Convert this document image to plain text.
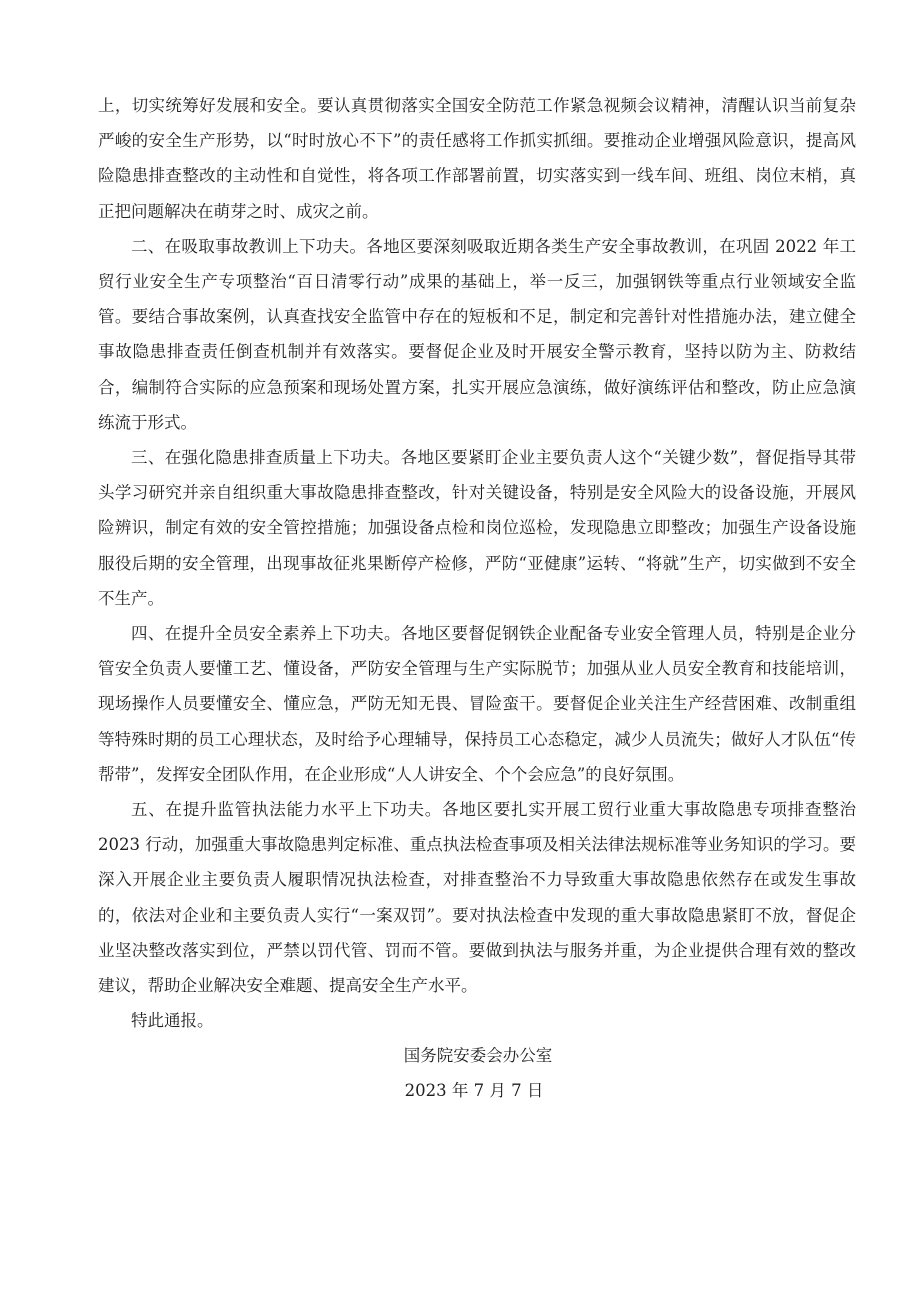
上，切实统筹好发展和安全。要认真贯彻落实全国安全防范工作紧急视频会议精神，清醒认识当前复杂严峻的安全生产形势，以“时时放心不下”的责任感将工作抓实抓细。要推动企业增强风险意识，提高风险隐患排查整改的主动性和自觉性，将各项工作部署前置，切实落实到一线车间、班组、岗位末梢，真正把问题解决在萌芽之时、成灾之前。

二、在吸取事故教训上下功夫。各地区要深刻吸取近期各类生产安全事故教训，在巩固 2022 年工贸行业安全生产专项整治“百日清零行动”成果的基础上，举一反三，加强钢铁等重点行业领域安全监管。要结合事故案例，认真查找安全监管中存在的短板和不足，制定和完善针对性措施办法，建立健全事故隐患排查责任倒查机制并有效落实。要督促企业及时开展安全警示教育，坚持以防为主、防救结合，编制符合实际的应急预案和现场处置方案，扎实开展应急演练，做好演练评估和整改，防止应急演练流于形式。

三、在强化隐患排查质量上下功夫。各地区要紧盯企业主要负责人这个“关键少数”，督促指导其带头学习研究并亲自组织重大事故隐患排查整改，针对关键设备，特别是安全风险大的设备设施，开展风险辨识，制定有效的安全管控措施；加强设备点检和岗位巡检，发现隐患立即整改；加强生产设备设施服役后期的安全管理，出现事故征兆果断停产检修，严防“亚健康”运转、“将就”生产，切实做到不安全不生产。

四、在提升全员安全素养上下功夫。各地区要督促钢铁企业配备专业安全管理人员，特别是企业分管安全负责人要懂工艺、懂设备，严防安全管理与生产实际脱节；加强从业人员安全教育和技能培训，现场操作人员要懂安全、懂应急，严防无知无畏、冒险蛮干。要督促企业关注生产经营困难、改制重组等特殊时期的员工心理状态，及时给予心理辅导，保持员工心态稳定，减少人员流失；做好人才队伍“传帮带”，发挥安全团队作用，在企业形成“人人讲安全、个个会应急”的良好氛围。

五、在提升监管执法能力水平上下功夫。各地区要扎实开展工贸行业重大事故隐患专项排查整治 2023 行动，加强重大事故隐患判定标准、重点执法检查事项及相关法律法规标准等业务知识的学习。要深入开展企业主要负责人履职情况执法检查，对排查整治不力导致重大事故隐患依然存在或发生事故的，依法对企业和主要负责人实行“一案双罚”。要对执法检查中发现的重大事故隐患紧盯不放，督促企业坚决整改落实到位，严禁以罚代管、罚而不管。要做到执法与服务并重，为企业提供合理有效的整改建议，帮助企业解决安全难题、提高安全生产水平。

特此通报。

国务院安委会办公室
2023 年 7 月 7 日
